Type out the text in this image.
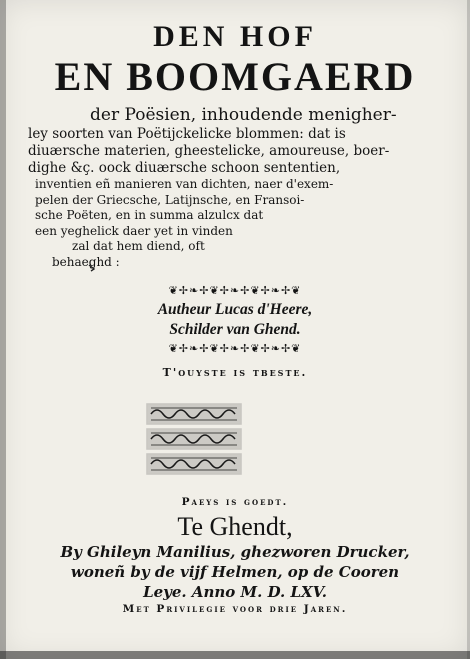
DEN HOF
EN BOOMGAERD
der Poësien, inhoudende menigher-
ley soorten van Poëtijckelicke blommen: dat is
diuærsche materien, gheestelicke, amoureuse, boer-
dighe &ç. oock diuærsche schoon sententien,
inventien eñ manieren van dichten, naer d'exem-
pelen der Griecsche, Latijnsche, en Fransoi-
sche Poëten, en in summa alzulcx dat
een yeghelick daer yet in vinden
zal dat hem diend, oft
behaeghd :
❦✢❧✢❦✢❧✢❦✢❧✢❦
Autheur Lucas d'Heere,
Schilder van Ghend.
❦✢❧✢❦✢❧✢❦✢❧✢❦
T'ouyste is tbeste.
Paeys is goedt.
Te Ghendt,
By Ghileyn Manilius, ghezworen Drucker,
woneñ by de vijf Helmen, op de Cooren
Leye. Anno M. D. LXV.
Met Privilegie voor drie Jaren.
